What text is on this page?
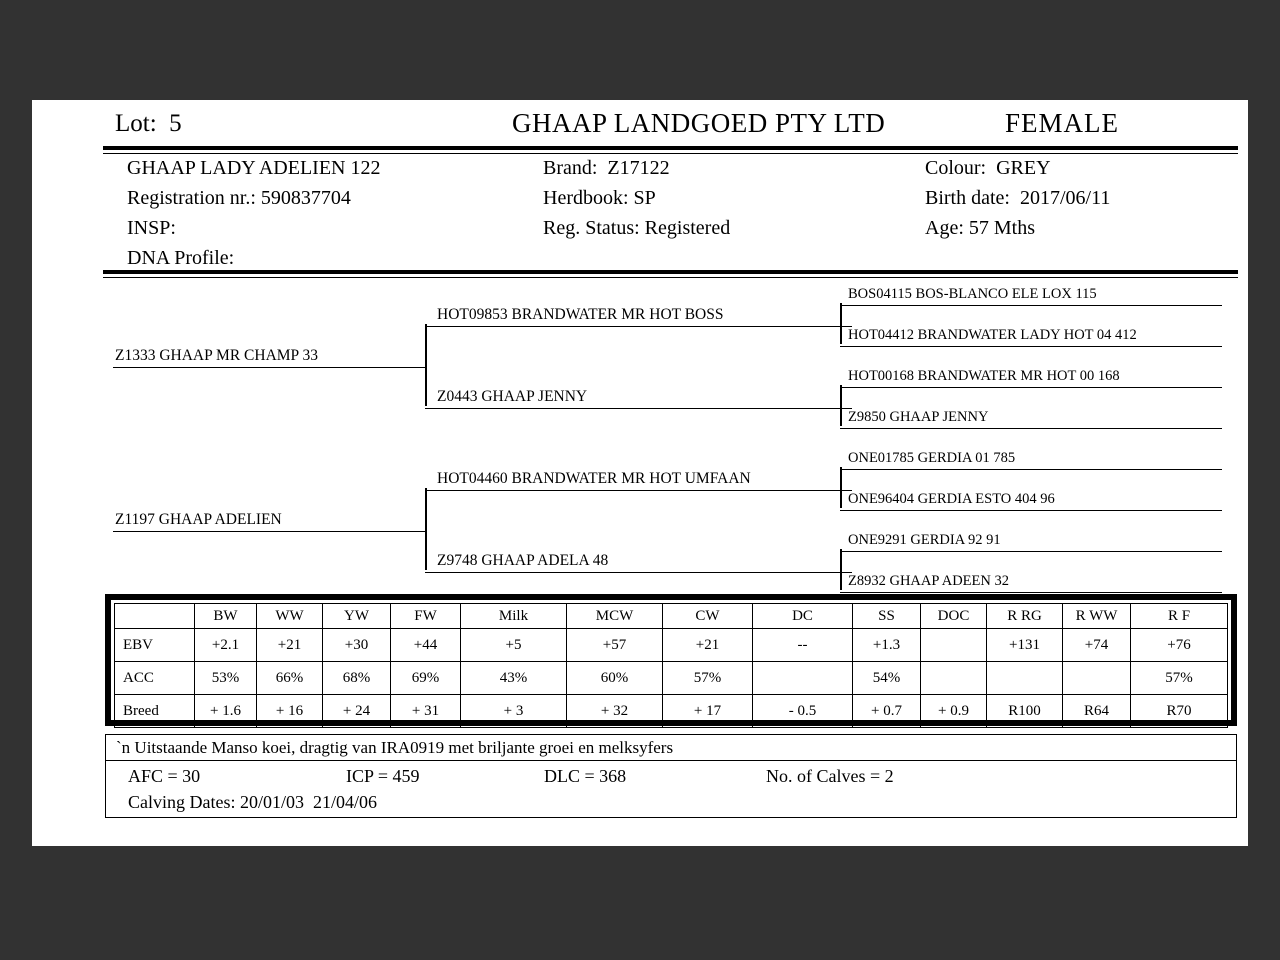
Lot:  5	GHAAP LANDGOED PTY LTD	FEMALE
GHAAP LADY ADELIEN 122
Registration nr.: 590837704
INSP:
DNA Profile:
Brand:  Z17122
Herdbook: SP
Reg. Status: Registered
Colour:  GREY
Birth date:  2017/06/11
Age: 57 Mths
Z1333 GHAAP MR CHAMP 33
Z1197 GHAAP ADELIEN
HOT09853 BRANDWATER MR HOT BOSS
Z0443 GHAAP JENNY
HOT04460 BRANDWATER MR HOT UMFAAN
Z9748 GHAAP ADELA 48
BOS04115 BOS-BLANCO ELE LOX 115
HOT04412 BRANDWATER LADY HOT 04 412
HOT00168 BRANDWATER MR HOT 00 168
Z9850 GHAAP JENNY
ONE01785 GERDIA 01 785
ONE96404 GERDIA ESTO 404 96
ONE9291 GERDIA 92 91
Z8932 GHAAP ADEEN 32
	BW	WW	YW	FW	Milk	MCW	CW	DC	SS	DOC	R RG	R WW	R F
EBV	+2.1	+21	+30	+44	+5	+57	+21	--	+1.3		+131	+74	+76
ACC	53%	66%	68%	69%	43%	60%	57%		54%				57%
Breed	+ 1.6	+ 16	+ 24	+ 31	+ 3	+ 32	+ 17	- 0.5	+ 0.7	+ 0.9	R100	R64	R70
`n Uitstaande Manso koei, dragtig van IRA0919 met briljante groei en melksyfers
AFC = 30	ICP = 459	DLC = 368	No. of Calves = 2
Calving Dates: 20/01/03  21/04/06
